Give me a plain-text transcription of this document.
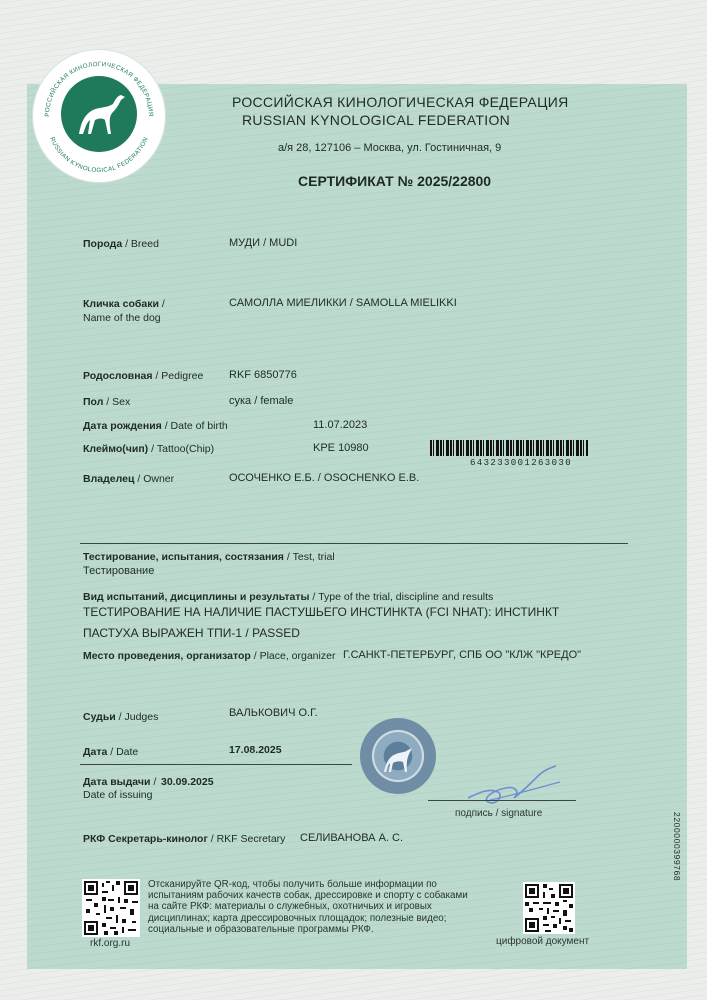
РОССИЙСКАЯ КИНОЛОГИЧЕСКАЯ ФЕДЕРАЦИЯ
RUSSIAN KYNOLOGICAL FEDERATION
РОССИЙСКАЯ КИНОЛОГИЧЕСКАЯ ФЕДЕРАЦИЯ
RUSSIAN KYNOLOGICAL FEDERATION
а/я 28, 127106 – Москва, ул. Гостиничная, 9
СЕРТИФИКАТ № 2025/22800
Порода / Breed	МУДИ / MUDI
Кличка собаки /
Name of the dog
САМОЛЛА МИЕЛИККИ / SAMOLLA MIELIKKI
Родословная / Pedigree RKF 6850776
Пол / Sex	сука / female
Дата рождения / Date of birth	11.07.2023
Клеймо(чип) / Tattoo(Chip)	KPE 10980
643233001263030
Владелец / Owner	ОСОЧЕНКО Е.Б. / OSOCHENKO E.B.
Тестирование, испытания, состязания / Test, trial
Тестирование
Вид испытаний, дисциплины и результаты / Type of the trial, discipline and results
ТЕСТИРОВАНИЕ НА НАЛИЧИЕ ПАСТУШЬЕГО ИНСТИНКТА (FCI NHAT): ИНСТИНКТ
ПАСТУХА ВЫРАЖЕН ТПИ-1 / PASSED
Место проведения, организатор / Place, organizer Г.САНКТ-ПЕТЕРБУРГ, СПБ ОО "КЛЖ "КРЕДО"
Судьи / Judges	ВАЛЬКОВИЧ О.Г.
Дата / Date	17.08.2025
Дата выдачи / 30.09.2025
Date of issuing
подпись / signature
РКФ Секретарь-кинолог / RKF Secretary СЕЛИВАНОВА А. С.	2200000399768
rkf.org.ru
Отсканируйте QR-код, чтобы получить больше информации по
испытаниям рабочих качеств собак, дрессировке и спорту с собаками
на сайте РКФ: материалы о служебных, охотничьих и игровых
дисциплинах; карта дрессировочных площадок; полезные видео;
социальные и образовательные программы РКФ.
цифровой документ
